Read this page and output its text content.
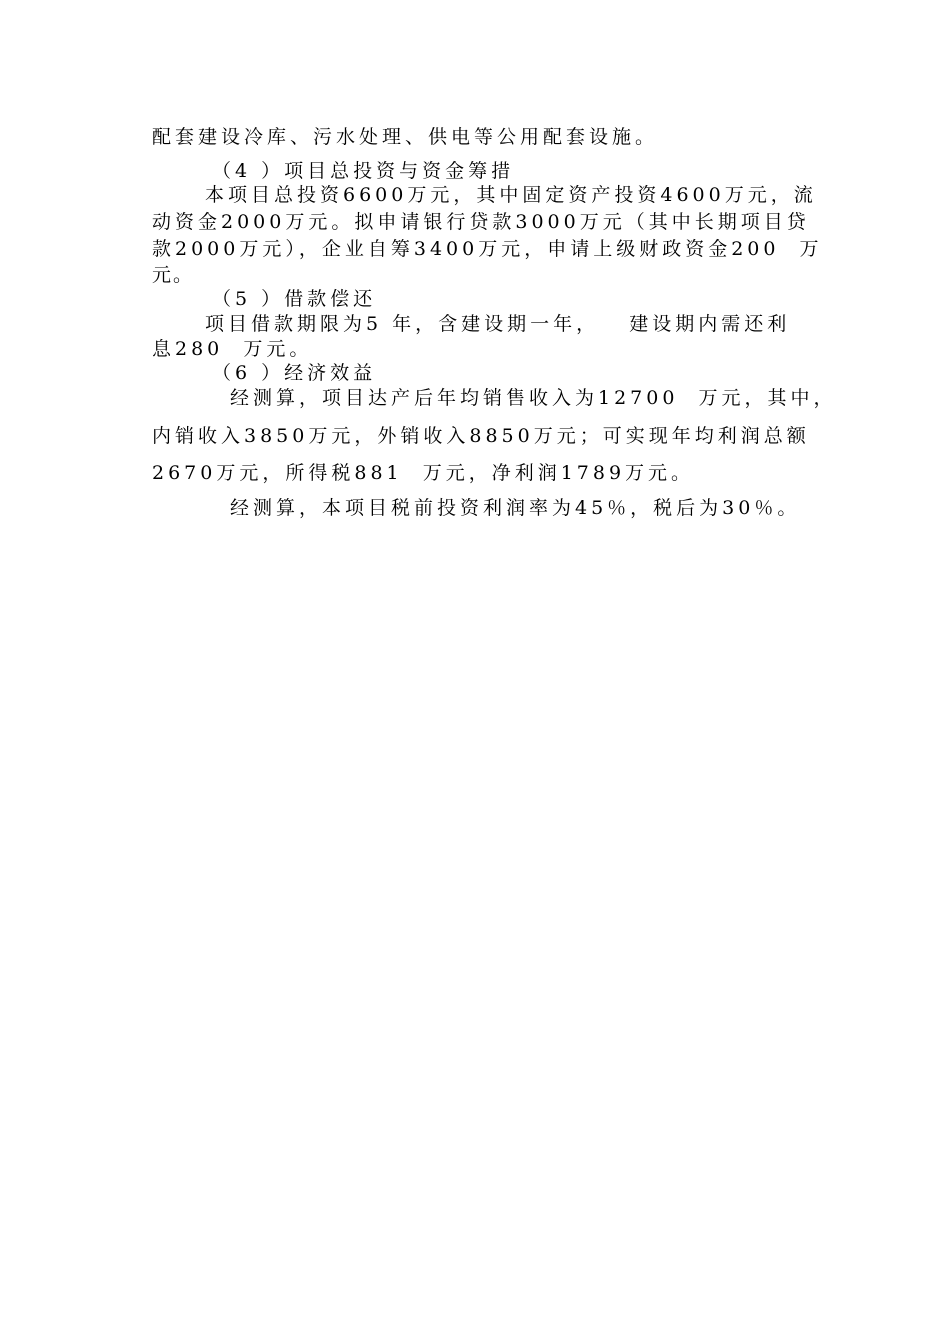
配套建设冷库、污水处理、供电等公用配套设施。

（4 ）项目总投资与资金筹措

本项目总投资6600万元，其中固定资产投资4600万元，流

动资金2000万元。拟申请银行贷款3000万元（其中长期项目贷

款2000万元），企业自筹3400万元，申请上级财政资金200  万

元。

（5 ）借款偿还

项目借款期限为5 年，含建设期一年，   建设期内需还利

息280  万元。

（6 ）经济效益

经测算，项目达产后年均销售收入为12700  万元，其中，

内销收入3850万元，外销收入8850万元；可实现年均利润总额

2670万元，所得税881  万元，净利润1789万元。

经测算，本项目税前投资利润率为45％，税后为30％。
